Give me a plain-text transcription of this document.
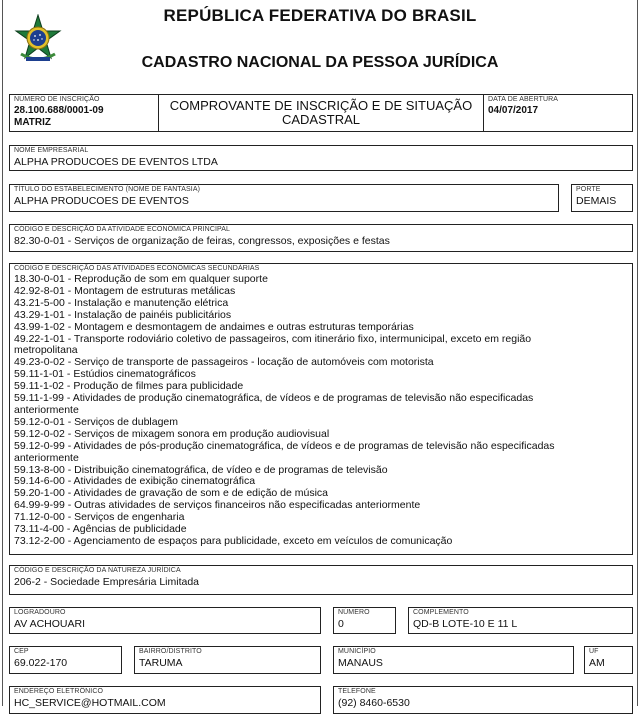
REPÚBLICA FEDERATIVA DO BRASIL
CADASTRO NACIONAL DA PESSOA JURÍDICA
NÚMERO DE INSCRIÇÃO
28.100.688/0001-09
MATRIZ
COMPROVANTE DE INSCRIÇÃO E DE SITUAÇÃO
CADASTRAL
DATA DE ABERTURA
04/07/2017
NOME EMPRESARIAL
ALPHA PRODUCOES DE EVENTOS LTDA
TÍTULO DO ESTABELECIMENTO (NOME DE FANTASIA)
ALPHA PRODUCOES DE EVENTOS
PORTE
DEMAIS
CÓDIGO E DESCRIÇÃO DA ATIVIDADE ECONÔMICA PRINCIPAL
82.30-0-01 - Serviços de organização de feiras, congressos, exposições e festas
CÓDIGO E DESCRIÇÃO DAS ATIVIDADES ECONÔMICAS SECUNDÁRIAS
18.30-0-01 - Reprodução de som em qualquer suporte
42.92-8-01 - Montagem de estruturas metálicas
43.21-5-00 - Instalação e manutenção elétrica
43.29-1-01 - Instalação de painéis publicitários
43.99-1-02 - Montagem e desmontagem de andaimes e outras estruturas temporárias
49.22-1-01 - Transporte rodoviário coletivo de passageiros, com itinerário fixo, intermunicipal, exceto em região
metropolitana
49.23-0-02 - Serviço de transporte de passageiros - locação de automóveis com motorista
59.11-1-01 - Estúdios cinematográficos
59.11-1-02 - Produção de filmes para publicidade
59.11-1-99 - Atividades de produção cinematográfica, de vídeos e de programas de televisão não especificadas
anteriormente
59.12-0-01 - Serviços de dublagem
59.12-0-02 - Serviços de mixagem sonora em produção audiovisual
59.12-0-99 - Atividades de pós-produção cinematográfica, de vídeos e de programas de televisão não especificadas
anteriormente
59.13-8-00 - Distribuição cinematográfica, de vídeo e de programas de televisão
59.14-6-00 - Atividades de exibição cinematográfica
59.20-1-00 - Atividades de gravação de som e de edição de música
64.99-9-99 - Outras atividades de serviços financeiros não especificadas anteriormente
71.12-0-00 - Serviços de engenharia
73.11-4-00 - Agências de publicidade
73.12-2-00 - Agenciamento de espaços para publicidade, exceto em veículos de comunicação
CÓDIGO E DESCRIÇÃO DA NATUREZA JURÍDICA
206-2 - Sociedade Empresária Limitada
LOGRADOURO
AV ACHOUARI
NÚMERO
0
COMPLEMENTO
QD-B LOTE-10 E 11 L
CEP
69.022-170
BAIRRO/DISTRITO
TARUMA
MUNICÍPIO
MANAUS
UF
AM
ENDEREÇO ELETRÔNICO
HC_SERVICE@HOTMAIL.COM
TELEFONE
(92) 8460-6530
